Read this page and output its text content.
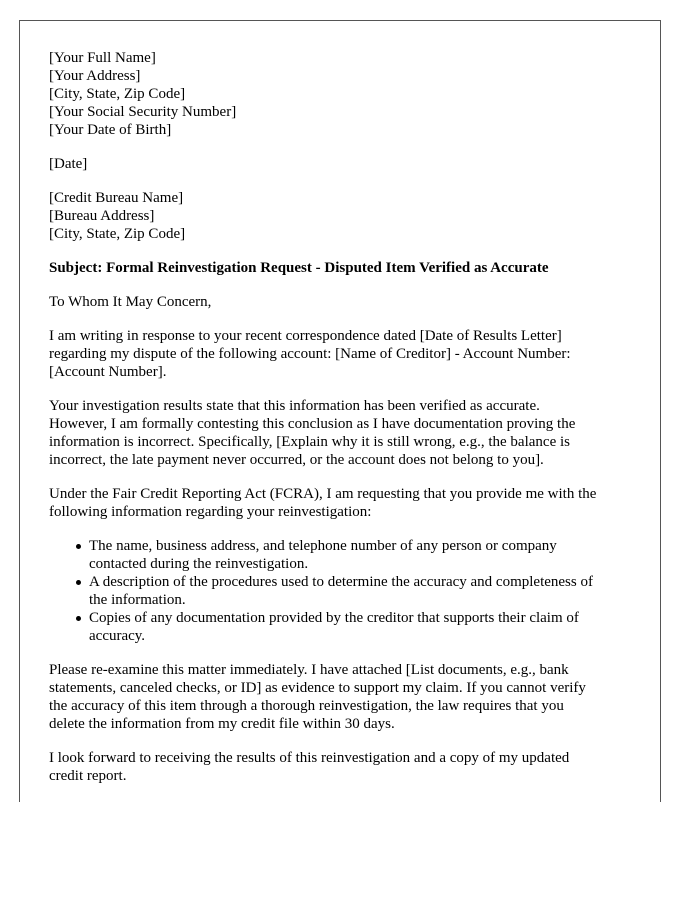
[Your Full Name]
[Your Address]
[City, State, Zip Code]
[Your Social Security Number]
[Your Date of Birth]
[Date]
[Credit Bureau Name]
[Bureau Address]
[City, State, Zip Code]
Subject: Formal Reinvestigation Request - Disputed Item Verified as Accurate
To Whom It May Concern,
I am writing in response to your recent correspondence dated [Date of Results Letter]
regarding my dispute of the following account: [Name of Creditor] - Account Number:
[Account Number].
Your investigation results state that this information has been verified as accurate.
However, I am formally contesting this conclusion as I have documentation proving the
information is incorrect. Specifically, [Explain why it is still wrong, e.g., the balance is
incorrect, the late payment never occurred, or the account does not belong to you].
Under the Fair Credit Reporting Act (FCRA), I am requesting that you provide me with the
following information regarding your reinvestigation:
The name, business address, and telephone number of any person or company
contacted during the reinvestigation.
A description of the procedures used to determine the accuracy and completeness of
the information.
Copies of any documentation provided by the creditor that supports their claim of
accuracy.
Please re-examine this matter immediately. I have attached [List documents, e.g., bank
statements, canceled checks, or ID] as evidence to support my claim. If you cannot verify
the accuracy of this item through a thorough reinvestigation, the law requires that you
delete the information from my credit file within 30 days.
I look forward to receiving the results of this reinvestigation and a copy of my updated
credit report.
